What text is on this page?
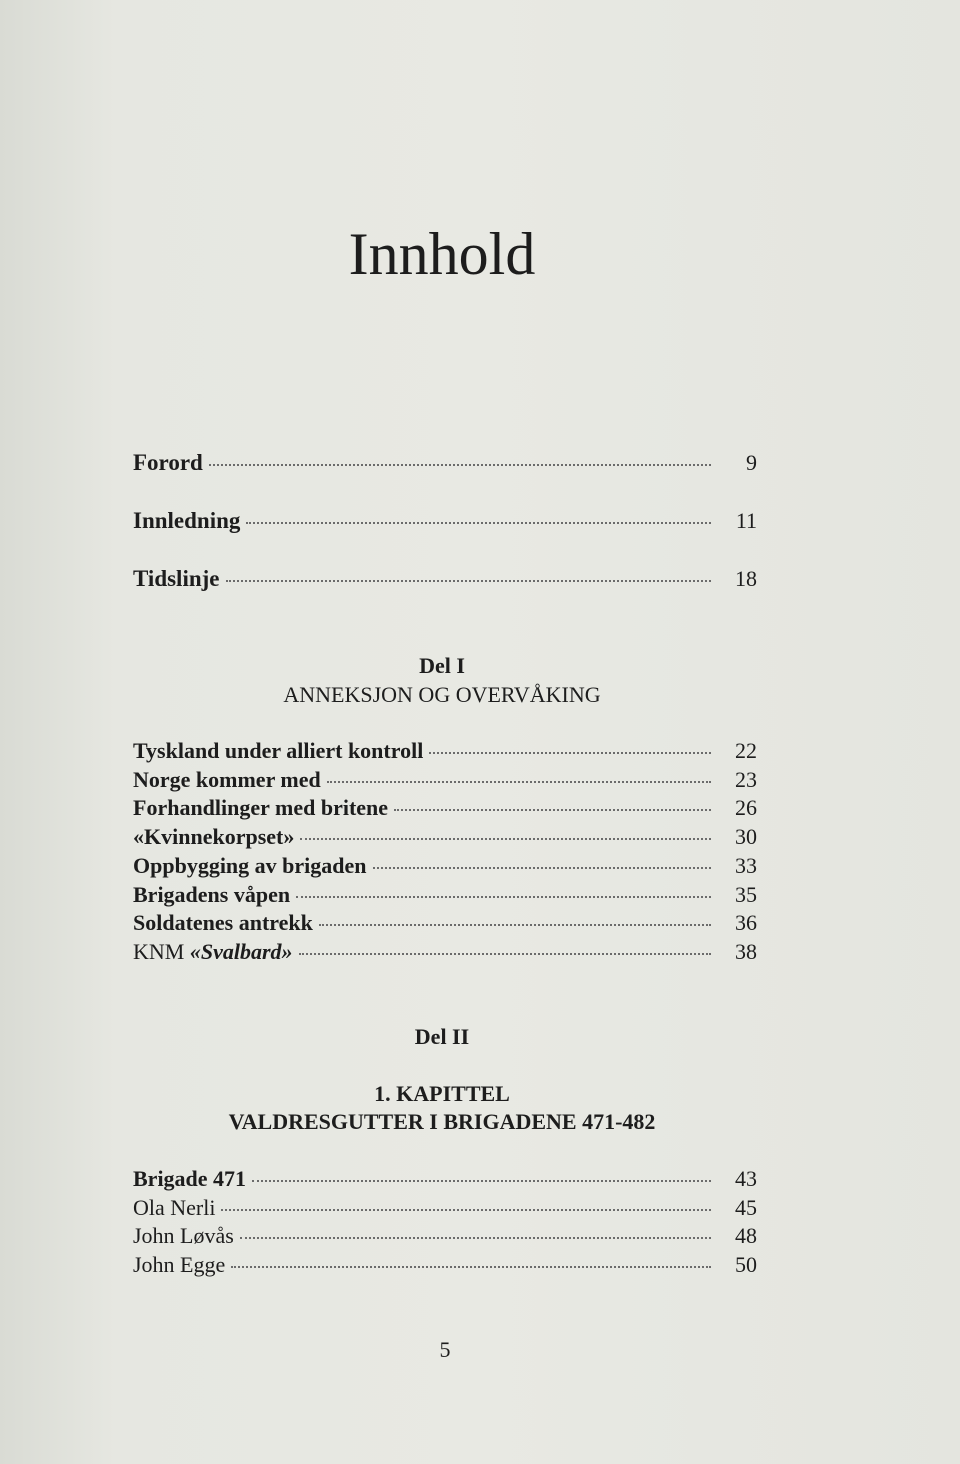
Innhold
Forord	9
Innledning	11
Tidslinje	18
Del I
ANNEKSJON OG OVERVÅKING
Tyskland under alliert kontroll	22
Norge kommer med	23
Forhandlinger med britene	26
«Kvinnekorpset»	30
Oppbygging av brigaden	33
Brigadens våpen	35
Soldatenes antrekk	36
KNM «Svalbard»	38
Del II
1. KAPITTEL
VALDRESGUTTER I BRIGADENE 471-482
Brigade 471	43
Ola Nerli	45
John Løvås	48
John Egge	50
5
